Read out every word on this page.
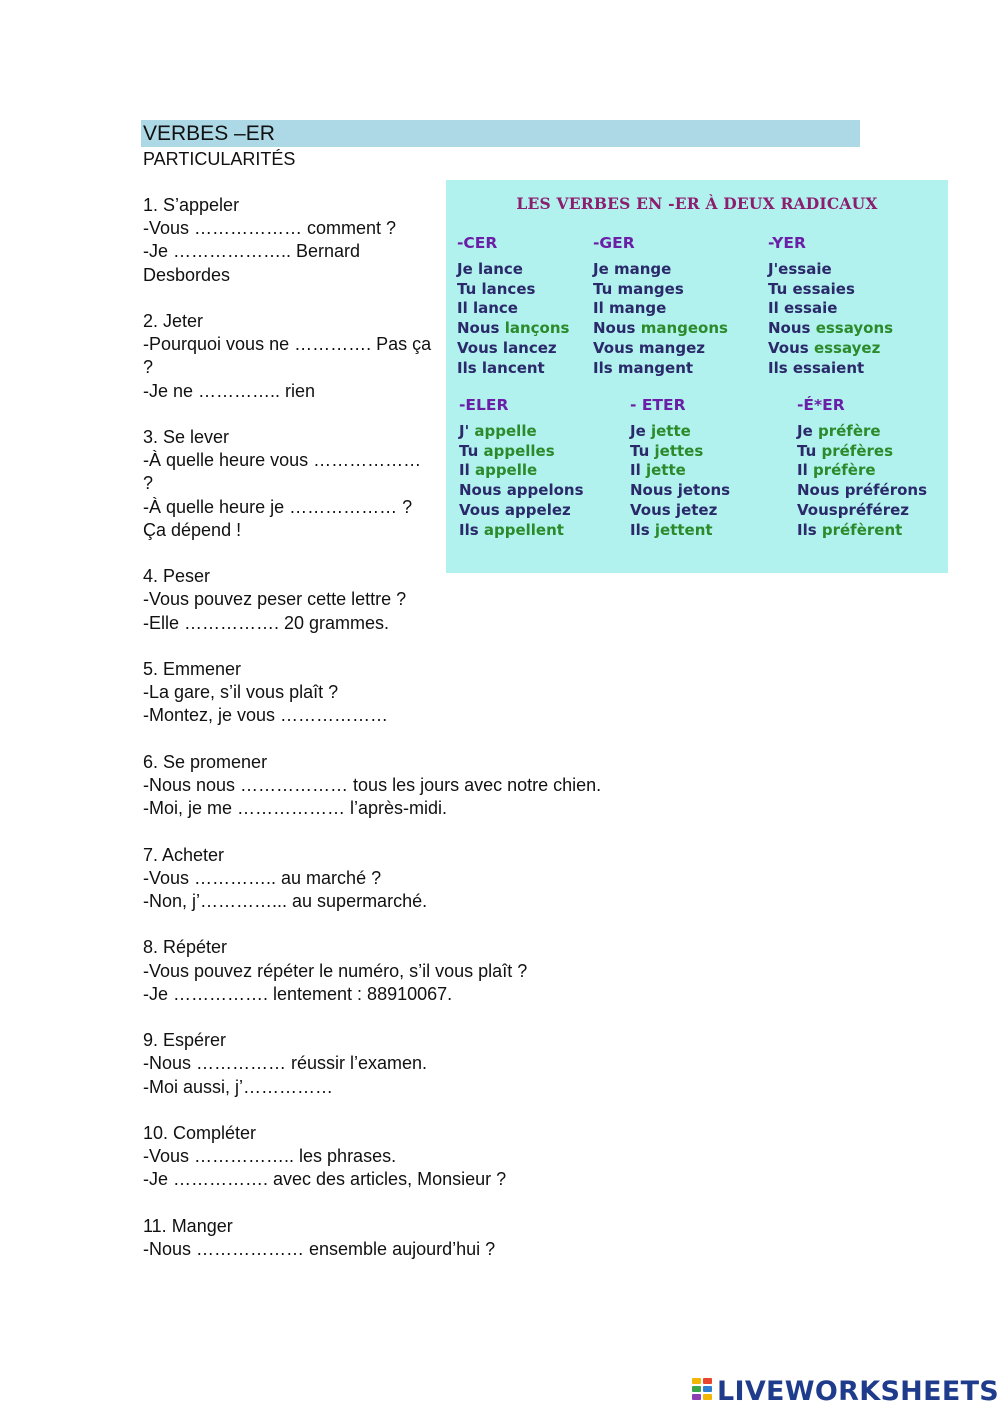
VERBES –ER
PARTICULARITÉS
1. S’appeler
-Vous ……………… comment ?
-Je ……………….. Bernard Desbordes
2. Jeter
-Pourquoi vous ne …………. Pas ça ?
-Je ne ………….. rien
3. Se lever
-À quelle heure vous ……………… ?
-À quelle heure je ……………… ? Ça dépend !
4. Peser
-Vous pouvez peser cette lettre ?
-Elle ……………. 20 grammes.
5. Emmener
-La gare, s’il vous plaît ?
-Montez, je vous ………………
6. Se promener
-Nous nous ……………… tous les jours avec notre chien.
-Moi, je me ……………… l’après-midi.
7. Acheter
-Vous ………….. au marché ?
-Non, j’…………... au supermarché.
8. Répéter
-Vous pouvez répéter le numéro, s’il vous plaît ?
-Je ……………. lentement : 88910067.
9. Espérer
-Nous …………… réussir l’examen.
-Moi aussi, j’……………
10. Compléter
-Vous …………….. les phrases.
-Je ……………. avec des articles, Monsieur ?
11. Manger
-Nous ……………… ensemble aujourd’hui ?
LES VERBES EN -ER À DEUX RADICAUX
-CER
Je lance
Tu lances
Il lance
Nous lançons
Vous lancez
Ils lancent
-GER
Je mange
Tu manges
Il mange
Nous mangeons
Vous mangez
Ils mangent
-YER
J'essaie
Tu essaies
Il essaie
Nous essayons
Vous essayez
Ils essaient
-ELER
J' appelle
Tu appelles
Il appelle
Nous appelons
Vous appelez
Ils appellent
- ETER
Je jette
Tu jettes
Il jette
Nous jetons
Vous jetez
Ils jettent
-É*ER
Je préfère
Tu préfères
Il préfère
Nous préférons
Vouspréférez
Ils préfèrent
LIVEWORKSHEETS
